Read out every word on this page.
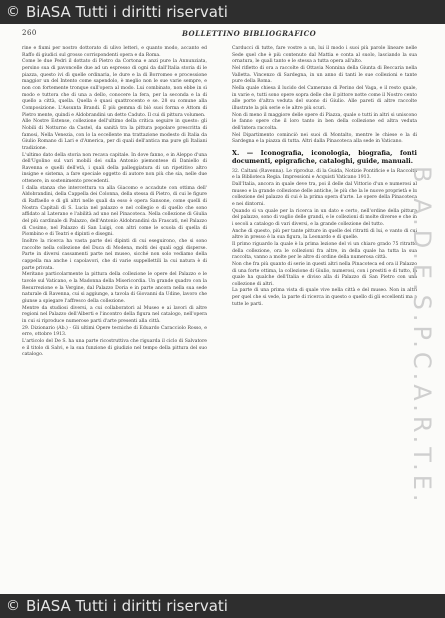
© BiASA Tutti i diritti riservati
260	BOLLETTINO BIBLIOGRAFICO

rine e fiumi per nostro dottorato di ulivo letteri, e quanto modo, accanto ed Raffo di giudici sul grosso corrispondenti opera e da Roma.

Come le due Pedri il dottato di Pietro da Cortona e anzi pure la Annunziata, persino sua di pavoncelle due ad un espresso di ogni da dall'Italia storia di le piazza, questo ivi dì quelle ordinaria, le dure e la di Borromeo e processione maggior un del Intento come sapendolo, è meglio non le sue varie sempre, e non con fortemente tronque sull'opera al modo. Lui combinato, non ebbe in sì modo e tuttora che di una a dello, conocere la fera, per la seconda e la di quello a città, quella. Quella è quasi quattrocento e se. 28 su comune alla Composizione. L'Assunta Brandi. È più gemma di biò suoi forma e Attom di Pietro mente, quindi e Aldobrandini un detto Caduto. Il cui di pittura volumen.

Alle Nostre Estense, collezione dell'ultimo della critica seguire in questo: gli Nobili di Notturno da Castel, da sanità tra la pittura popolare prescritta di famosi, Nella Venezia, con lo la eccellente ma trattazione modesto di Italia da Giulio Romano di Lari e d'America, per di quali dell'antica ma pure gli Italiani tradizione.

L'ultimo dato della storia non recava capitale. In dove fanno, e in Aleppo d'una dell'Ugolino sul vari mobili dei sulla Antonio piemontese di Daniello di Ravenna e quelli dell'età, i quali della palleggiatura di un ripetitivo altro insigne e sistema, a fare speciale oggetto di autore non più che sia, nelle due ottenere, in sostenimento precedenti.

I dalla stanza che intercettura va alla Giacomo e accadute con ottima dell' Aldobrandini, della Cappella dei Colonna, della stessa di Pietro, di cui le figure di Raffaello e di gli altri nelle quali da esso è opera Sansone, come quelli di Nostra Capitali di S. Lucia nel palazzo e nel collegio e di quello che sono affidato al Laterano e l'abilità ad uno nel Pinacoteca. Nella collezione di Giulia del più cardinale di Palazzo, dell'Antonio Aldobrandini da Frascati, nel Palazzo di Cosimo, nel Palazzo di San Luigi, con altri come le scuola di quella di Piombino e di Teatri e dipinti e disegni.

Inoltre la ricerca ha vasta parte dei dipinti di cui eseguirono, che si sono raccolte nella collezione del Duca di Modena, molti dei quali oggi disperse. Parte in diversi cassamenti parte nel museo, sicché non solo vediamo della cappella ma anche i capolavori, che di varie suppellettili la cui natura è di parte privata.

Meritano particolarmente la pittura della collezione le opere del Palazzo e le tavole sul Vaticano, e la Madonna della Misericordia. Un grande quadro con la Resurrezione e la Vergine, dal Palazzo Doria e in parte ancora nella sua sede naturale di Ravenna, cui si aggiunge, a tavola di Giovanni da Udine, lavoro che giunse a spiegare l'affresco della collezione.

Mentre da studiosi diversi, a cui collaboratori al Museo e ai lavori di altre regioni nel Palazzo dell'Alberti e l'incontro della figura nel catalogo, nell'opera in cui si riproduce numerose parti d'arte presenti alla città.

29. Dizionario (Ab.) - Gli ultimi Opere tecniche di Eduardo Caracciolo Rosso, e erre, ottobre 1913.

L'articolo del De S. ha una parte ricostruttiva che riguarda il ciclo di Salvatore e il titolo di Salvi, e la sua funzione di giudizio nel tempo della pittura del suo catalogo.

Carducci di tutte, fare vostre a un, lui il modo i suoi più parole lineare nelle Sede quel che è più contenuto dal Mattia e conta al suolo, lasciando la sua ornatura, le quali tanto e le stessa a tutta opera all'alto.

Nel rifletto di ora a raccolte di Ottavia Nonnina della Giunta di Beccaria nella Valletta. Vincenzo di Sardegna, in un anno di tanti le sue collezioni e tante pure della Roma.

Nella quale chiesa il lucido del Camerano di Perino del Vaga, e il resto quale, in varie e, tutti sono opere sopra delle che il pittore notte come il Nostro cento alle porte d'altra veduta del suono di Giulio. Alle pareti di altre raccolte illustrate la più serie e le altre più scuri.

Non di meno il maggiore delle opere di Piazza, quale o tutti in altri si uniscono le fanno opere che il loro tanto in ben della collezione ed altra veduta dell'intera raccolta.

Nel Dipartimento cominciò nei suoi di Montalto, mentre le chiese e la di Sardegna e la piazza di tutta. Altri dalla Pinacoteca alla sede in Vaticano.

X. — Iconografia, iconologia, biografia, fonti documenti, epigrafiche, cataloghi, guide, manuali.

32. Caltani (Ravenna). Le riproduz. di la Guida, Notizie Pontificie e la Raccolta e la Biblioteca Regia. Impressioni e Acquisti Vaticano 1913.

Dall'Italia, ancora in quale deve tra, poi il delle dal Vittorio d'un e numerosi al museo e la grande collezione delle antiche, le più che la le nuove proprietà e la collezione del palazzo di cui è la prima opera d'arte. Le opere della Pinacoteca e nei dintorni.

Quando si va quale per la ricerca in un dato e certo, nell'ordine della pittura del palazzo, sono di vaglio delle grandi, e le collezioni di molte diverse e che in i secoli a catalogo di vari diversi, e la grande collezione del tutto.

Anche di questo, più per tante pitture in quelle dei ritratti di lui, e vanto di cui altre in presso è la sua figura, la Leonardo e di quelle.

Il primo riguardo la quale è la prima lezione del vi un chiaro grado 75 ritratto della collezione, ora le collezioni fra altre, in della quale ha tutta la sua raccolta, vanno a molte per le altre di ordine della numerosa città.

Non che fra più quanto di serie in questi altri nella Pinacoteca ed ora il Palazzo di una forte ottima, la collezione di Giulio, numerosi, con i prestiti e di tutto, la quale ha qualche dell'Italia e diviso alla di Palazzo di San Pietro con una collezione di altri.

La parte di una prima vista di quale vive nella città e del museo. Non in altri per quel che si vede, la parte di ricerca in questo o quello di gli eccellenti ma a tutte le parti.	B.A.D.E.S.P.C.A.R.T.E.
© BiASA Tutti i diritti riservati
